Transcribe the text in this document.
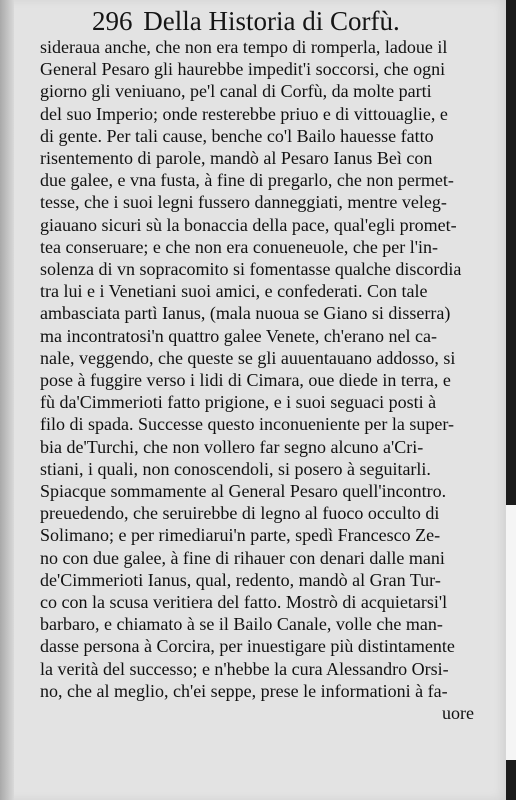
296 Della Historia di Corfù.
sideraua anche, che non era tempo di romperla, ladoue il
General Pesaro gli haurebbe impedit'i soccorsi, che ogni
giorno gli veniuano, pe'l canal di Corfù, da molte parti
del suo Imperio; onde resterebbe priuo e di vittouaglie, e
di gente. Per tali cause, benche co'l Bailo hauesse fatto
risentemento di parole, mandò al Pesaro Ianus Beì con
due galee, e vna fusta, à fine di pregarlo, che non permet-
tesse, che i suoi legni fussero danneggiati, mentre veleg-
giauano sicuri sù la bonaccia della pace, qual'egli promet-
tea conseruare; e che non era conueneuole, che per l'in-
solenza di vn sopracomito si fomentasse qualche discordia
tra lui e i Venetiani suoi amici, e confederati. Con tale
ambasciata partì Ianus, (mala nuoua se Giano si disserra)
ma incontratosi'n quattro galee Venete, ch'erano nel ca-
nale, veggendo, che queste se gli auuentauano addosso, si
pose à fuggire verso i lidi di Cimara, oue diede in terra, e
fù da'Cimmerioti fatto prigione, e i suoi seguaci posti à
filo di spada. Successe questo inconueniente per la super-
bia de'Turchi, che non vollero far segno alcuno a'Cri-
stiani, i quali, non conoscendoli, si posero à seguitarli.
Spiacque sommamente al General Pesaro quell'incontro.
preuedendo, che seruirebbe di legno al fuoco occulto di
Solimano; e per rimediarui'n parte, spedì Francesco Ze-
no con due galee, à fine di rihauer con denari dalle mani
de'Cimmerioti Ianus, qual, redento, mandò al Gran Tur-
co con la scusa veritiera del fatto. Mostrò di acquietarsi'l
barbaro, e chiamato à se il Bailo Canale, volle che man-
dasse persona à Corcira, per inuestigare più distintamente
la verità del successo; e n'hebbe la cura Alessandro Orsi-
no, che al meglio, ch'ei seppe, prese le informationi à fa-
uore
